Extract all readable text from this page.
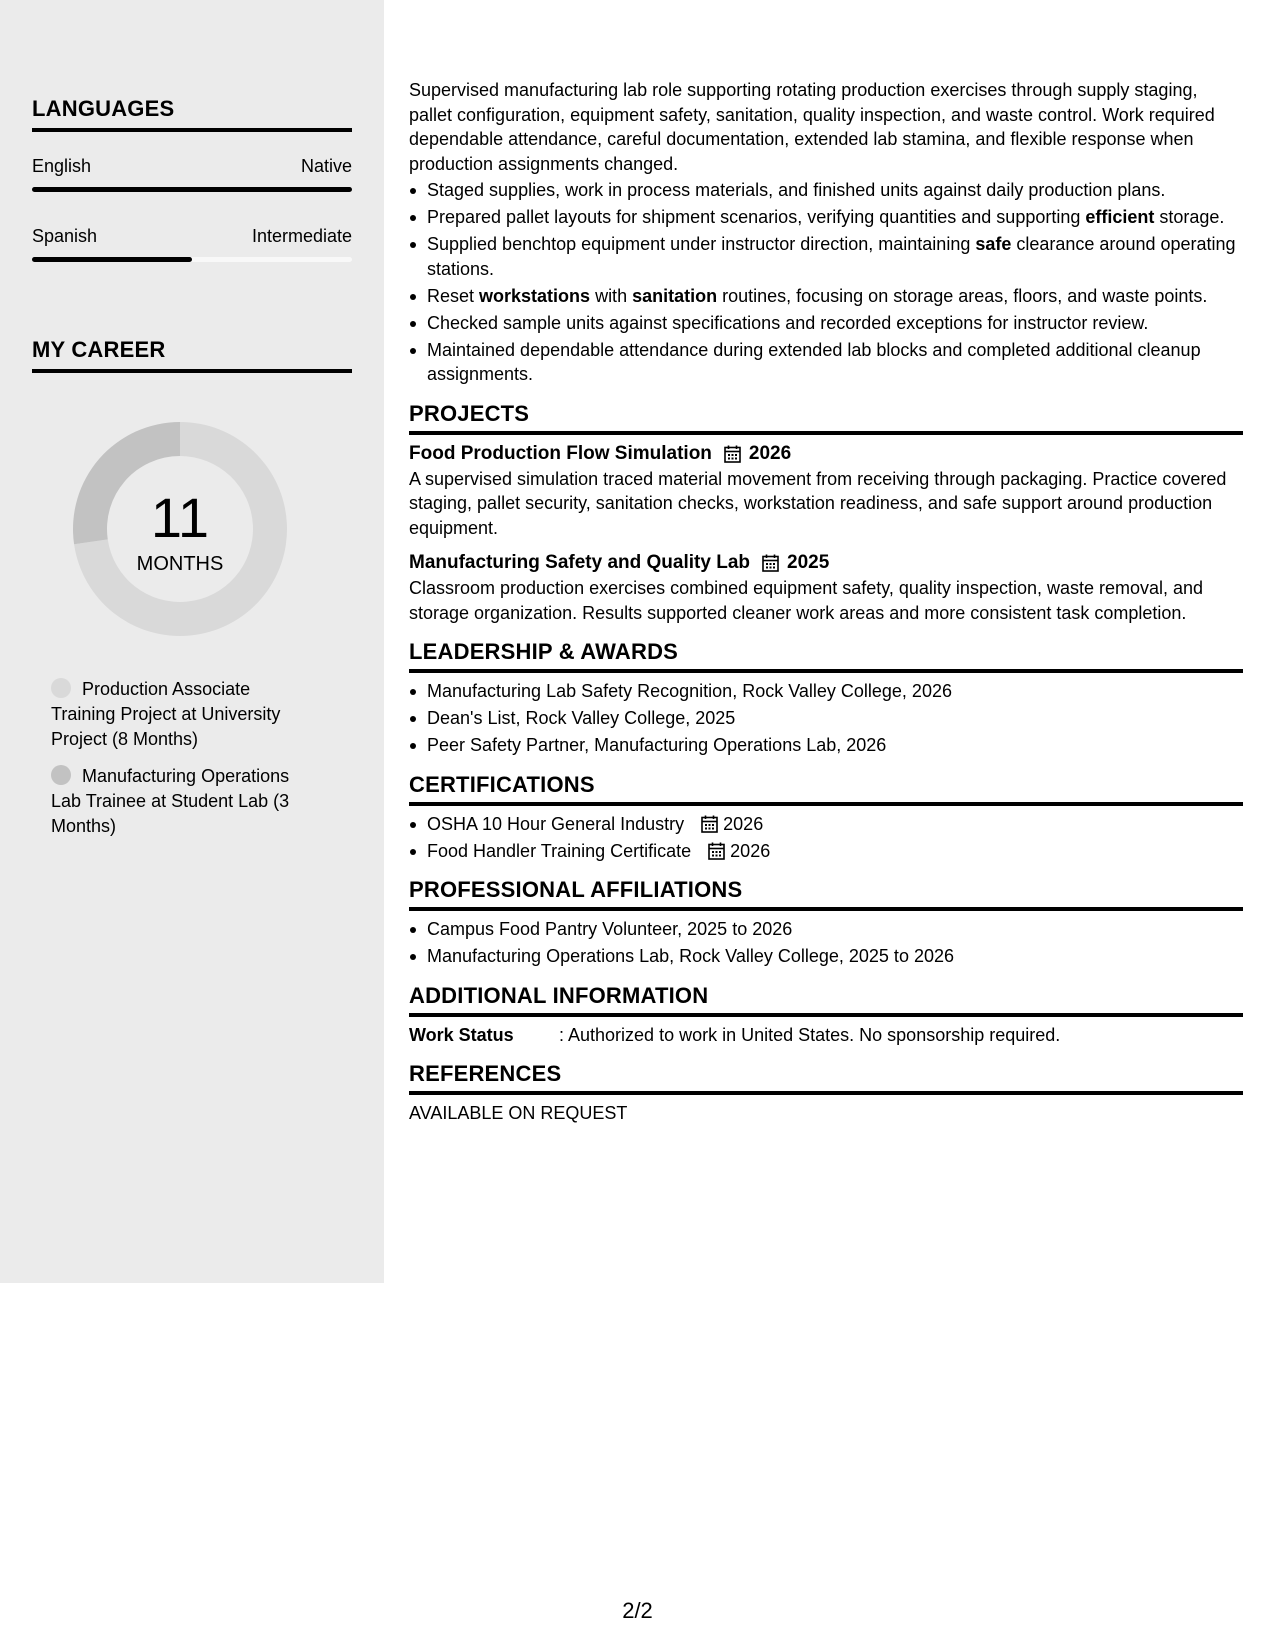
LANGUAGES
English	Native
Spanish	Intermediate
MY CAREER
11
MONTHS
Production Associate Training Project at University Project (8 Months)
Manufacturing Operations Lab Trainee at Student Lab (3 Months)

Supervised manufacturing lab role supporting rotating production exercises through supply staging, pallet configuration, equipment safety, sanitation, quality inspection, and waste control. Work required dependable attendance, careful documentation, extended lab stamina, and flexible response when production assignments changed.

Staged supplies, work in process materials, and finished units against daily production plans.
Prepared pallet layouts for shipment scenarios, verifying quantities and supporting efficient storage.
Supplied benchtop equipment under instructor direction, maintaining safe clearance around operating stations.
Reset workstations with sanitation routines, focusing on storage areas, floors, and waste points.
Checked sample units against specifications and recorded exceptions for instructor review.
Maintained dependable attendance during extended lab blocks and completed additional cleanup assignments.
PROJECTS
Food Production Flow Simulation 2026

A supervised simulation traced material movement from receiving through packaging. Practice covered staging, pallet security, sanitation checks, workstation readiness, and safe support around production equipment.

Manufacturing Safety and Quality Lab 2025

Classroom production exercises combined equipment safety, quality inspection, waste removal, and storage organization. Results supported cleaner work areas and more consistent task completion.

LEADERSHIP & AWARDS
Manufacturing Lab Safety Recognition, Rock Valley College, 2026
Dean's List, Rock Valley College, 2025
Peer Safety Partner, Manufacturing Operations Lab, 2026
CERTIFICATIONS
OSHA 10 Hour General Industry 2026
Food Handler Training Certificate 2026
PROFESSIONAL AFFILIATIONS
Campus Food Pantry Volunteer, 2025 to 2026
Manufacturing Operations Lab, Rock Valley College, 2025 to 2026
ADDITIONAL INFORMATION
Work Status	: Authorized to work in United States. No sponsorship required.
REFERENCES
AVAILABLE ON REQUEST
2/2
